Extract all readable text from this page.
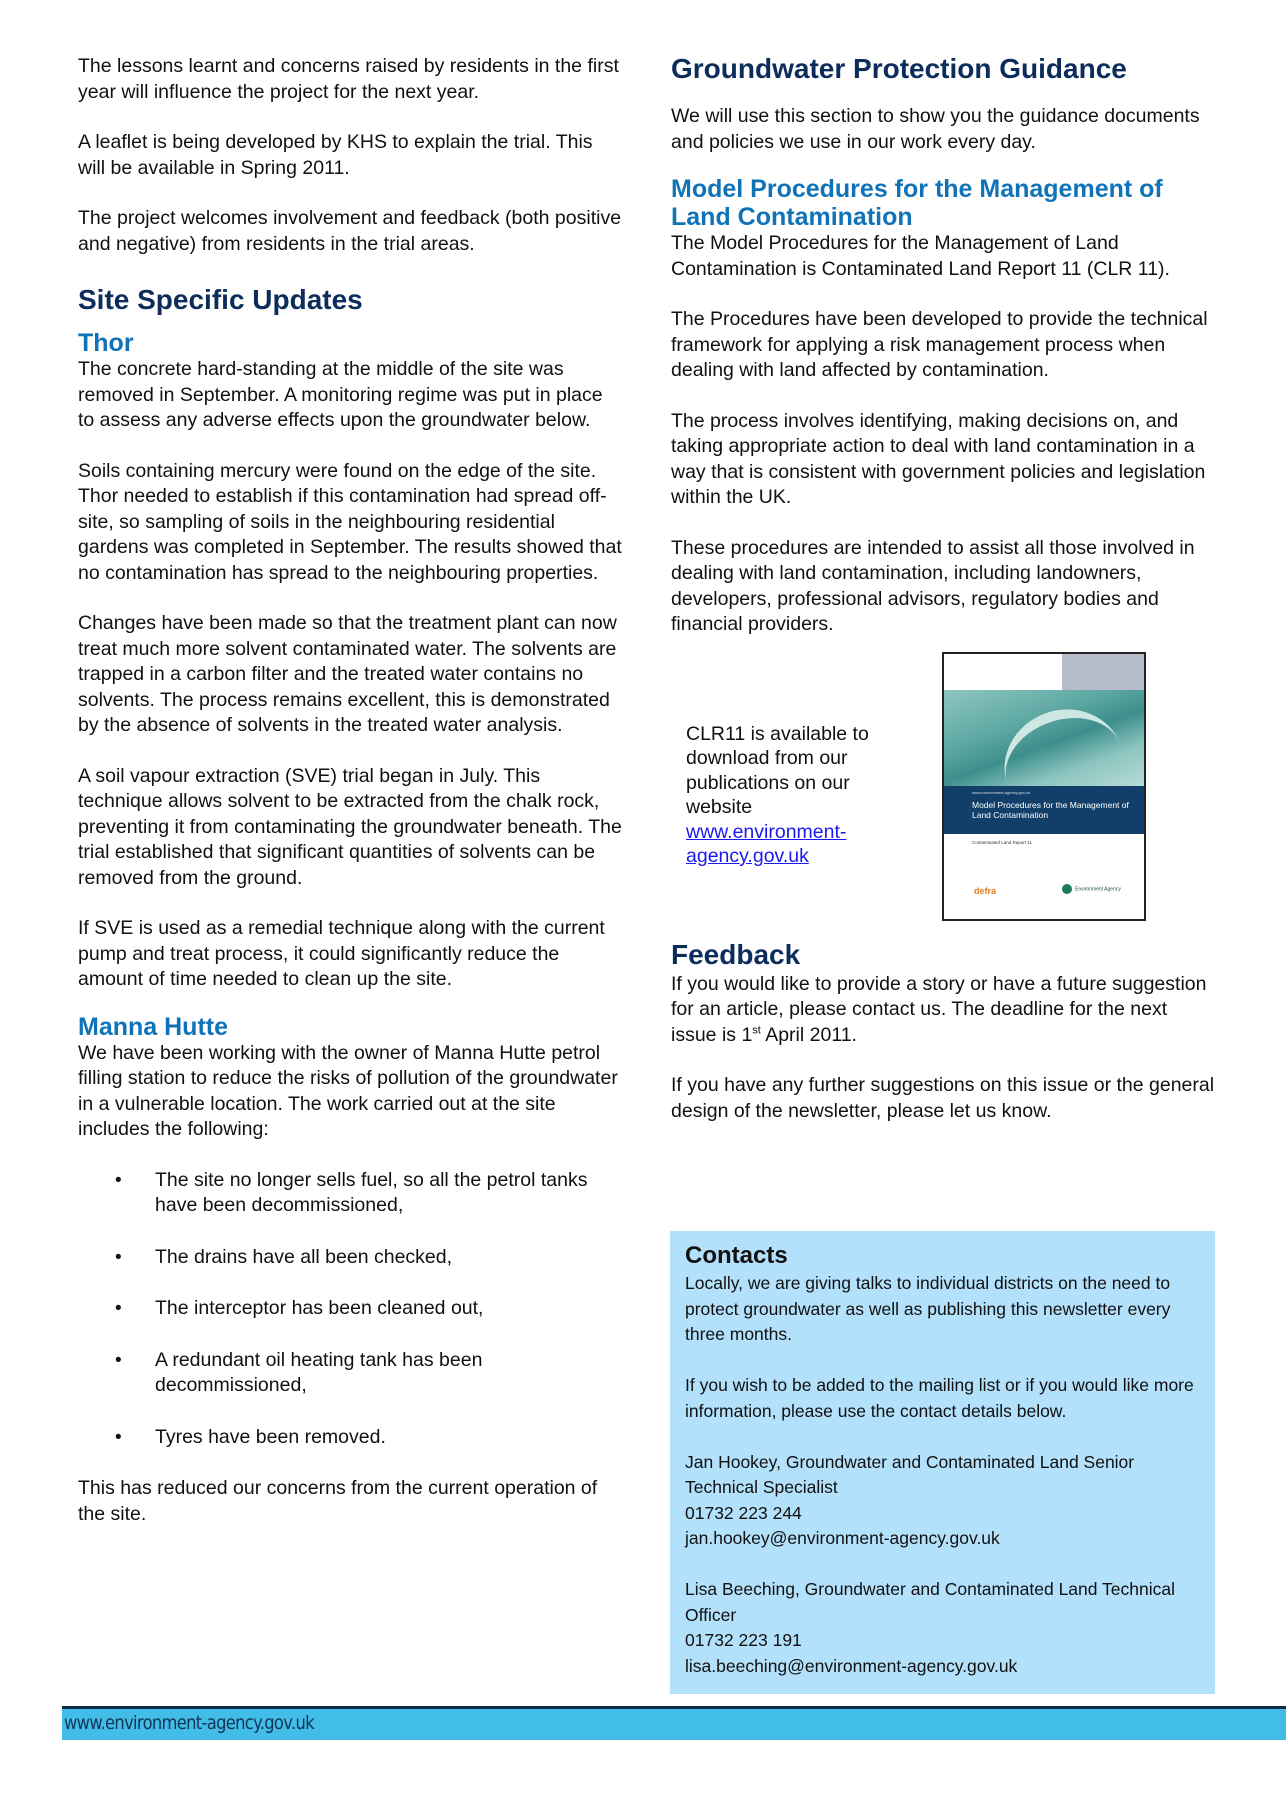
The lessons learnt and concerns raised by residents in the first year will influence the project for the next year.

A leaflet is being developed by KHS to explain the trial. This will be available in Spring 2011.

The project welcomes involvement and feedback (both positive and negative) from residents in the trial areas.

Site Specific Updates
Thor

The concrete hard-standing at the middle of the site was removed in September. A monitoring regime was put in place to assess any adverse effects upon the groundwater below.

Soils containing mercury were found on the edge of the site. Thor needed to establish if this contamination had spread off-site, so sampling of soils in the neighbouring residential gardens was completed in September. The results showed that no contamination has spread to the neighbouring properties.

Changes have been made so that the treatment plant can now treat much more solvent contaminated water. The solvents are trapped in a carbon filter and the treated water contains no solvents. The process remains excellent, this is demonstrated by the absence of solvents in the treated water analysis.

A soil vapour extraction (SVE) trial began in July. This technique allows solvent to be extracted from the chalk rock, preventing it from contaminating the groundwater beneath. The trial established that significant quantities of solvents can be removed from the ground.

If SVE is used as a remedial technique along with the current pump and treat process, it could significantly reduce the amount of time needed to clean up the site.

Manna Hutte

We have been working with the owner of Manna Hutte petrol filling station to reduce the risks of pollution of the groundwater in a vulnerable location. The work carried out at the site includes the following:

• The site no longer sells fuel, so all the petrol tanks have been decommissioned,
• The drains have all been checked,
• The interceptor has been cleaned out,
• A redundant oil heating tank has been decommissioned,
• Tyres have been removed.

This has reduced our concerns from the current operation of the site.

Groundwater Protection Guidance

We will use this section to show you the guidance documents and policies we use in our work every day.

Model Procedures for the Management of Land Contamination

The Model Procedures for the Management of Land Contamination is Contaminated Land Report 11 (CLR 11).

The Procedures have been developed to provide the technical framework for applying a risk management process when dealing with land affected by contamination.

The process involves identifying, making decisions on, and taking appropriate action to deal with land contamination in a way that is consistent with government policies and legislation within the UK.

These procedures are intended to assist all those involved in dealing with land contamination, including landowners, developers, professional advisors, regulatory bodies and financial providers.

CLR11 is available to download from our publications on our website www.environment-agency.gov.uk
www.environment-agency.gov.uk
Model Procedures for the Management of Land Contamination
Contaminated Land Report 11
defra	Environment Agency
Feedback

If you would like to provide a story or have a future suggestion for an article, please contact us. The deadline for the next issue is 1st April 2011.

If you have any further suggestions on this issue or the general design of the newsletter, please let us know.

Contacts

Locally, we are giving talks to individual districts on the need to protect groundwater as well as publishing this newsletter every three months.

If you wish to be added to the mailing list or if you would like more information, please use the contact details below.

Jan Hookey, Groundwater and Contaminated Land Senior Technical Specialist

01732 223 244

jan.hookey@environment-agency.gov.uk

Lisa Beeching, Groundwater and Contaminated Land Technical Officer

01732 223 191

lisa.beeching@environment-agency.gov.uk

www.environment-agency.gov.uk
